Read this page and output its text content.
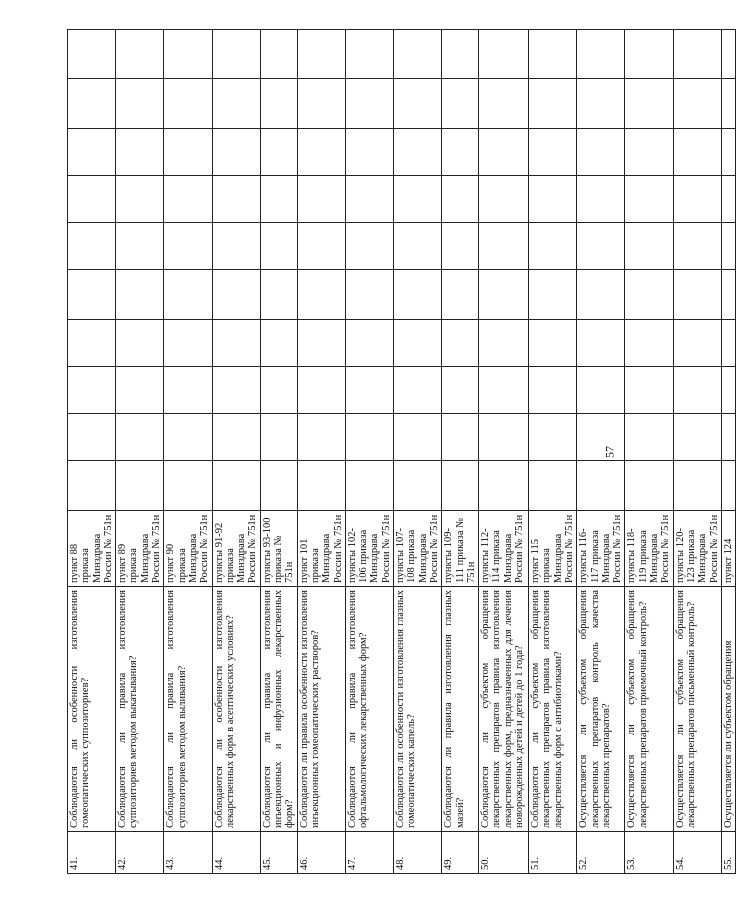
57
41.	Соблюдаются ли особенности изготовления гомеопатических суппозиториев?	пункт 88 приказа Минздрава России № 751н										
42.	Соблюдаются ли правила изготовления суппозиториев методом выкатывания?	пункт 89 приказа Минздрава России № 751н										
43.	Соблюдаются ли правила изготовления суппозиториев методом выливания?	пункт 90 приказа Минздрава России № 751н										
44.	Соблюдаются ли особенности изготовления лекарственных форм в асептических условиях?	пункты 91-92 приказа Минздрава России № 751н										
45.	Соблюдаются ли правила изготовления инъекционных и инфузионных лекарственных форм?	пункты 93-100 приказа № 751н										
46.	Соблюдаются ли правила особенности изготовления инъекционных гомеопатических растворов?	пункт 101 приказа Минздрава России № 751н										
47.	Соблюдаются ли правила изготовления офтальмологических лекарственных форм?	пункты 102-106 приказа Минздрава России № 751н										
48.	Соблюдаются ли особенности изготовления глазных гомеопатических капель?	пункты 107-108 приказа Минздрава России № 751н										
49.	Соблюдаются ли правила изготовления глазных мазей?	пункты 109-111 приказа № 751н										
50.	Соблюдаются ли субъектом обращения лекарственных препаратов правила изготовления лекарственных форм, предназначенных для лечения новорожденных детей и детей до 1 года?	пункты 112-114 приказа Минздрава России № 751н										
51.	Соблюдаются ли субъектом обращения лекарственных препаратов правила изготовления лекарственных форм с антибиотиками?	пункт 115 приказа Минздрава России № 751н										
52.	Осуществляется ли субъектом обращения лекарственных препаратов контроль качества лекарственных препаратов?	пункты 116-117 приказа Минздрава России № 751н										
53.	Осуществляется ли субъектом обращения лекарственных препаратов приемочный контроль?	пункты 118-119 приказа Минздрава России № 751н										
54.	Осуществляется ли субъектом обращения лекарственных препаратов письменный контроль?	пункты 120-123 приказа Минздрава России № 751н										
55.	Осуществляется ли субъектом обращения	пункт 124										
